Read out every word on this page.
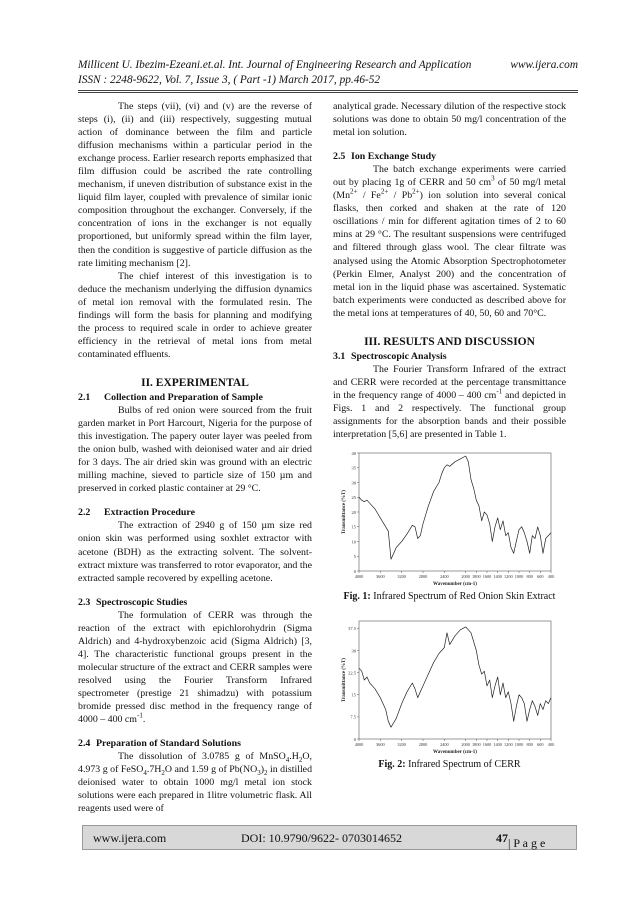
Millicent U. Ibezim-Ezeani.et.al. Int. Journal of Engineering Research and Application	www.ijera.com
ISSN : 2248-9622, Vol. 7, Issue 3, ( Part -1) March 2017, pp.46-52

The steps (vii), (vi) and (v) are the reverse of steps (i), (ii) and (iii) respectively, suggesting mutual action of dominance between the film and particle diffusion mechanisms within a particular period in the exchange process. Earlier research reports emphasized that film diffusion could be ascribed the rate controlling mechanism, if uneven distribution of substance exist in the liquid film layer, coupled with prevalence of similar ionic composition throughout the exchanger. Conversely, if the concentration of ions in the exchanger is not equally proportioned, but uniformly spread within the film layer, then the condition is suggestive of particle diffusion as the rate limiting mechanism [2].

The chief interest of this investigation is to deduce the mechanism underlying the diffusion dynamics of metal ion removal with the formulated resin. The findings will form the basis for planning and modifying the process to required scale in order to achieve greater efficiency in the retrieval of metal ions from metal contaminated effluents.

II. EXPERIMENTAL
2.1 Collection and Preparation of Sample

Bulbs of red onion were sourced from the fruit garden market in Port Harcourt, Nigeria for the purpose of this investigation. The papery outer layer was peeled from the onion bulb, washed with deionised water and air dried for 3 days. The air dried skin was ground with an electric milling machine, sieved to particle size of 150 µm and preserved in corked plastic container at 29 °C.

2.2 Extraction Procedure

The extraction of 2940 g of 150 µm size red onion skin was performed using soxhlet extractor with acetone (BDH) as the extracting solvent. The solvent-extract mixture was transferred to rotor evaporator, and the extracted sample recovered by expelling acetone.

2.3 Spectroscopic Studies

The formulation of CERR was through the reaction of the extract with epichlorohydrin (Sigma Aldrich) and 4-hydroxybenzoic acid (Sigma Aldrich) [3, 4]. The characteristic functional groups present in the molecular structure of the extract and CERR samples were resolved using the Fourier Transform Infrared spectrometer (prestige 21 shimadzu) with potassium bromide pressed disc method in the frequency range of 4000 – 400 $cm^{-1}$.

2.4 Preparation of Standard Solutions

The dissolution of 3.0785 g of $MnSO_4.H_2O$, 4.973 g of $FeSO_4.7H_2O$ and 1.59 g of $Pb(NO_3)_2$ in distilled deionised water to obtain 1000 mg/l metal ion stock solutions were each prepared in 1litre volumetric flask. All reagents used were of

analytical grade. Necessary dilution of the respective stock solutions was done to obtain 50 mg/l concentration of the metal ion solution.

2.5 Ion Exchange Study

The batch exchange experiments were carried out by placing 1g of CERR and 50 $cm^3$ of 50 mg/l metal $(Mn^{2+} / Fe^{2+} / Pb^{2+})$ ion solution into several conical flasks, then corked and shaken at the rate of 120 oscillations / min for different agitation times of 2 to 60 mins at 29 °C. The resultant suspensions were centrifuged and filtered through glass wool. The clear filtrate was analysed using the Atomic Absorption Spectrophotometer (Perkin Elmer, Analyst 200) and the concentration of metal ion in the liquid phase was ascertained. Systematic batch experiments were conducted as described above for the metal ions at temperatures of 40, 50, 60 and 70°C.

III. RESULTS AND DISCUSSION
3.1 Spectroscopic Analysis

The Fourier Transform Infrared of the extract and CERR were recorded at the percentage transmittance in the frequency range of 4000 – 400 $cm^{-1}$ and depicted in Figs. 1 and 2 respectively. The functional group assignments for the absorption bands and their possible interpretation [5,6] are presented in Table 1.

0
5
10
15
20
25
30
35
40
4000	3600	3200	2800	2400	2000 1800 1600 1400 1200 1000 800 600 400
Wavenumber (cm-1)
Transmittance (%T)
Fig. 1: Infrared Spectrum of Red Onion Skin Extract
0
7.5
15
22.5
30
37.5
4000	3600	3200	2800	2400	2000 1800 1600 1400 1200 1000 800 600 400
Wavenumber (cm-1)
Transmittance (%T)
Fig. 2: Infrared Spectrum of CERR
www.ijera.com	DOI: 10.9790/9622- 0703014652	47 | P a g e
